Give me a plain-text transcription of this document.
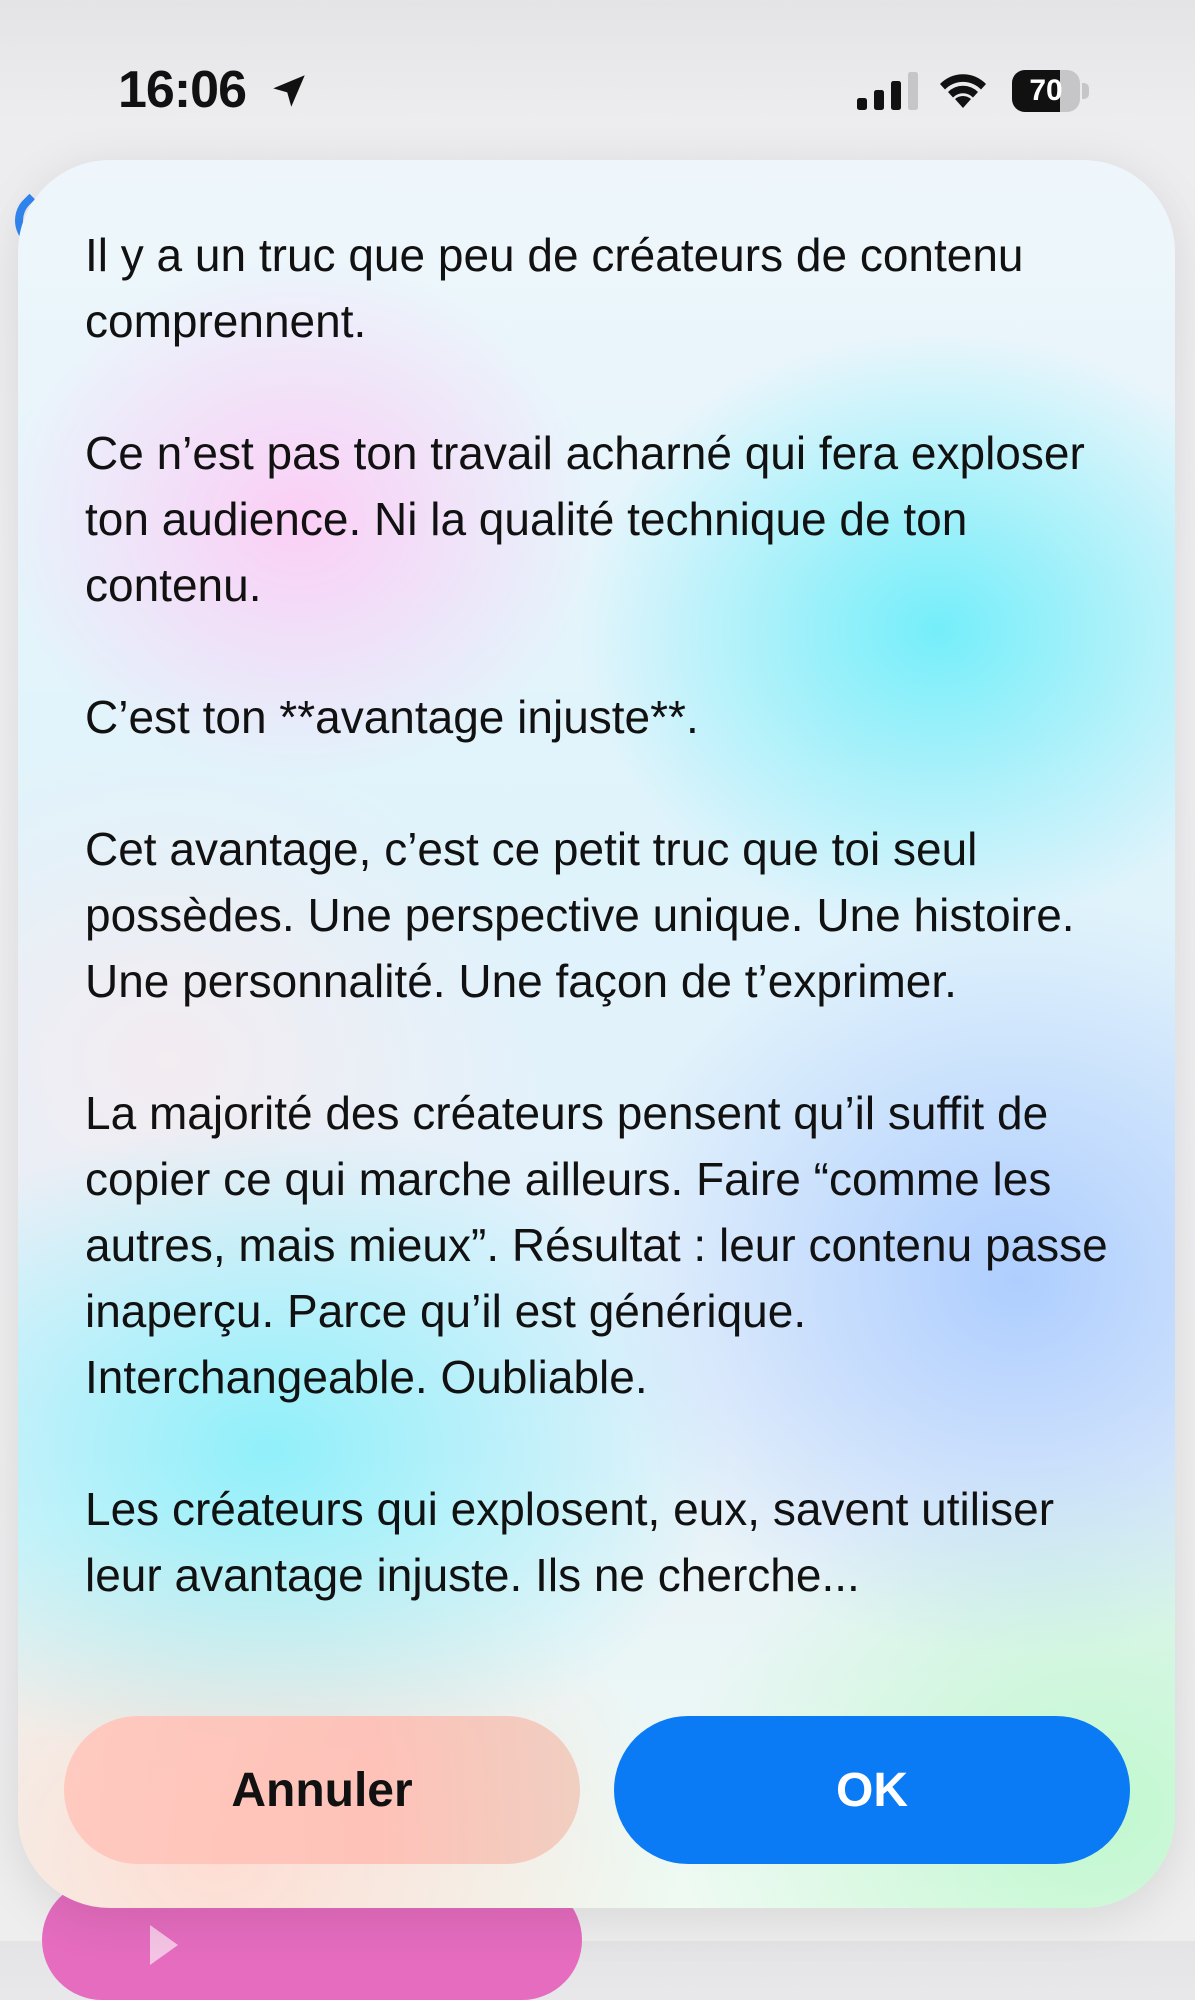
16:06	70

Il y a un truc que peu de créateurs de contenu comprennent.

Ce n’est pas ton travail acharné qui fera exploser ton audience. Ni la qualité technique de ton contenu.

C’est ton **avantage injuste**.

Cet avantage, c’est ce petit truc que toi seul possèdes. Une perspective unique. Une histoire. Une personnalité. Une façon de t’exprimer.

La majorité des créateurs pensent qu’il suffit de copier ce qui marche ailleurs. Faire “comme les autres, mais mieux”. Résultat : leur contenu passe inaperçu. Parce qu’il est générique. Interchangeable. Oubliable.

Les créateurs qui explosent, eux, savent utiliser leur avantage injuste. Ils ne cherche...

Annuler	OK
